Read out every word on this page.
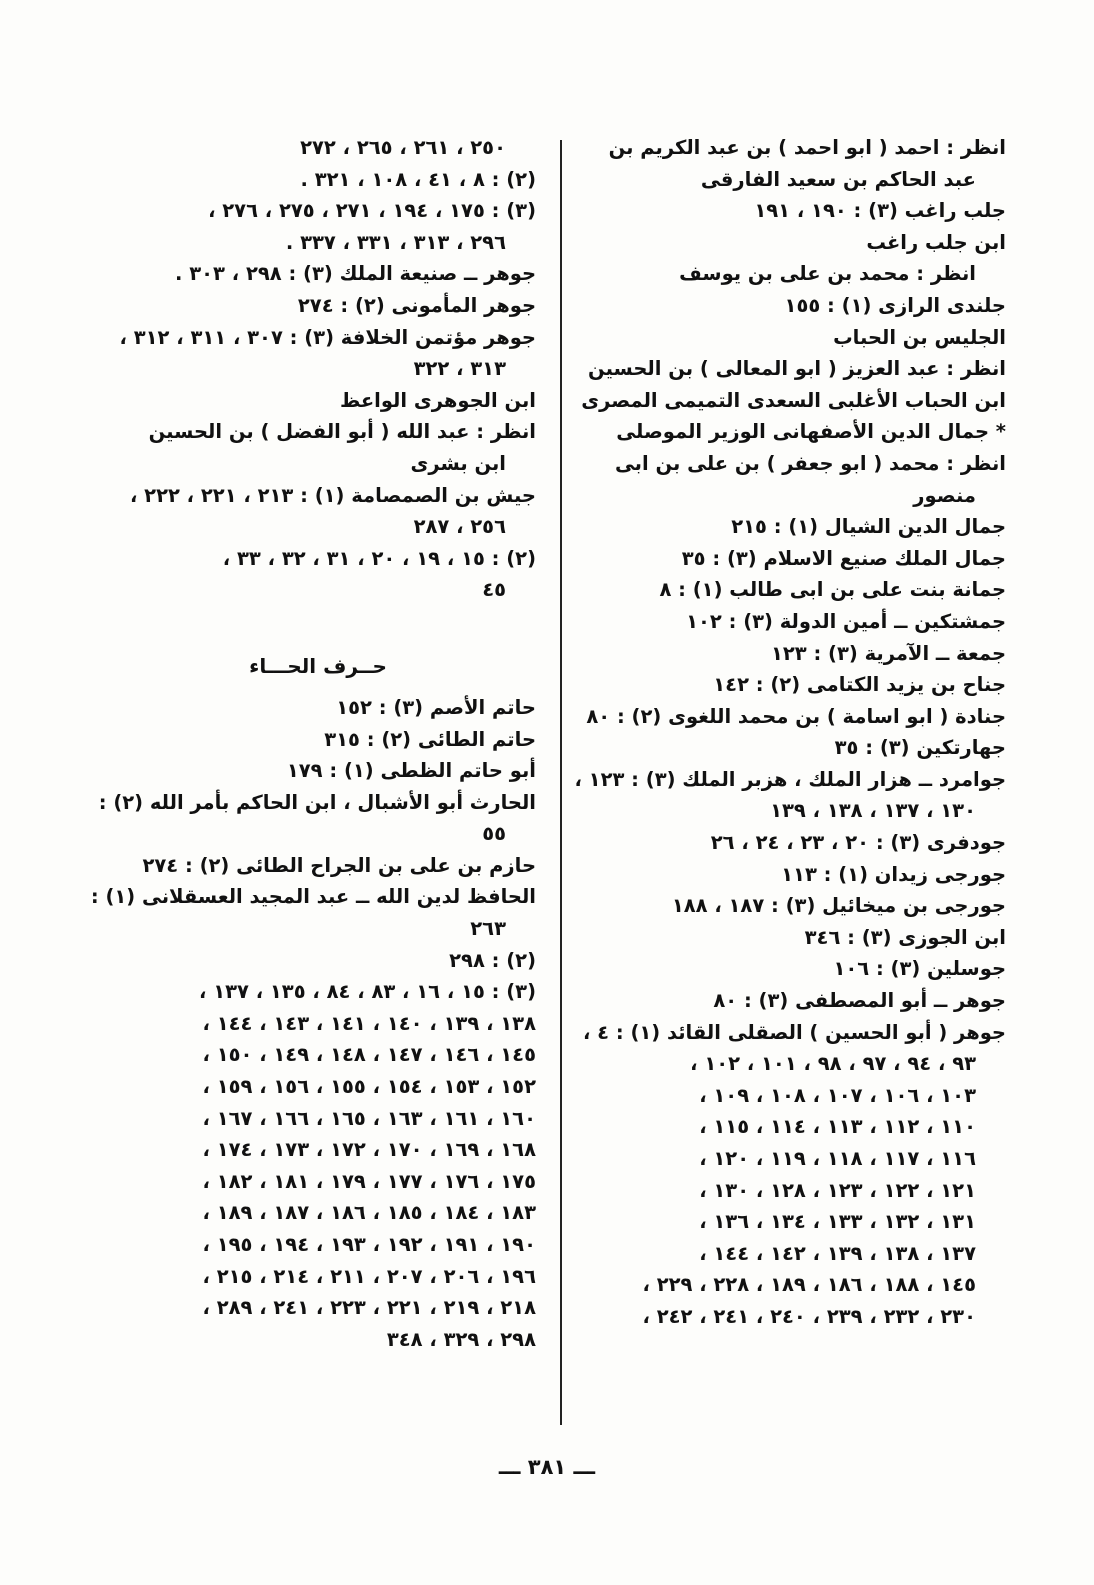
انظر : احمد ( ابو احمد ) بن عبد الكريم بن
عبد الحاكم بن سعيد الفارقى
جلب راغب (٣) : ١٩٠ ، ١٩١
ابن جلب راغب
انظر : محمد بن على بن يوسف
جلندى الرازى (١) : ١٥٥
الجليس بن الحباب
انظر : عبد العزيز ( ابو المعالى ) بن الحسين
ابن الحباب الأغلبى السعدى التميمى المصرى
* جمال الدين الأصفهانى الوزير الموصلى
انظر : محمد ( ابو جعفر ) بن على بن ابى
منصور
جمال الدين الشيال (١) : ٢١٥
جمال الملك صنيع الاسلام (٣) : ٣٥
جمانة بنت على بن ابى طالب (١) : ٨
جمشتكين ــ أمين الدولة (٣) : ١٠٢
جمعة ــ الآمرية (٣) : ١٢٣
جناح بن يزيد الكتامى (٢) : ١٤٢
جنادة ( ابو اسامة ) بن محمد اللغوى (٢) : ٨٠
جهارتكين (٣) : ٣٥
جوامرد ــ هزار الملك ، هزبر الملك (٣) : ١٢٣ ،
١٣٠ ، ١٣٧ ، ١٣٨ ، ١٣٩
جودفرى (٣) : ٢٠ ، ٢٣ ، ٢٤ ، ٢٦
جورجى زيدان (١) : ١١٣
جورجى بن ميخائيل (٣) : ١٨٧ ، ١٨٨
ابن الجوزى (٣) : ٣٤٦
جوسلين (٣) : ١٠٦
جوهر ــ أبو المصطفى (٣) : ٨٠
جوهر ( أبو الحسين ) الصقلى القائد (١) : ٤ ،
٩٣ ، ٩٤ ، ٩٧ ، ٩٨ ، ١٠١ ، ١٠٢ ،
١٠٣ ، ١٠٦ ، ١٠٧ ، ١٠٨ ، ١٠٩ ،
١١٠ ، ١١٢ ، ١١٣ ، ١١٤ ، ١١٥ ،
١١٦ ، ١١٧ ، ١١٨ ، ١١٩ ، ١٢٠ ،
١٢١ ، ١٢٢ ، ١٢٣ ، ١٢٨ ، ١٣٠ ،
١٣١ ، ١٣٢ ، ١٣٣ ، ١٣٤ ، ١٣٦ ،
١٣٧ ، ١٣٨ ، ١٣٩ ، ١٤٢ ، ١٤٤ ،
١٤٥ ، ١٨٨ ، ١٨٦ ، ١٨٩ ، ٢٢٨ ، ٢٢٩ ،
٢٣٠ ، ٢٣٢ ، ٢٣٩ ، ٢٤٠ ، ٢٤١ ، ٢٤٢ ،
٢٥٠ ، ٢٦١ ، ٢٦٥ ، ٢٧٢
(٢) : ٨ ، ٤١ ، ١٠٨ ، ٣٢١ .
(٣) : ١٧٥ ، ١٩٤ ، ٢٧١ ، ٢٧٥ ، ٢٧٦ ،
٢٩٦ ، ٣١٣ ، ٣٣١ ، ٣٣٧ .
جوهر ــ صنيعة الملك (٣) : ٢٩٨ ، ٣٠٣ .
جوهر المأمونى (٢) : ٢٧٤
جوهر مؤتمن الخلافة (٣) : ٣٠٧ ، ٣١١ ، ٣١٢ ،
٣١٣ ، ٣٢٢
ابن الجوهرى الواعظ
انظر : عبد الله ( أبو الفضل ) بن الحسين
ابن بشرى
جيش بن الصمصامة (١) : ٢١٣ ، ٢٢١ ، ٢٢٢ ،
٢٥٦ ، ٢٨٧
(٢) : ١٥ ، ١٩ ، ٢٠ ، ٣١ ، ٣٢ ، ٣٣ ،
٤٥
حــرف الحـــاء
حاتم الأصم (٣) : ١٥٢
حاتم الطائى (٢) : ٣١٥
أبو حاتم الظطى (١) : ١٧٩
الحارث أبو الأشبال ، ابن الحاكم بأمر الله (٢) :
٥٥
حازم بن على بن الجراح الطائى (٢) : ٢٧٤
الحافظ لدين الله ــ عبد المجيد العسقلانى (١) :
٢٦٣
(٢) : ٢٩٨
(٣) : ١٥ ، ١٦ ، ٨٣ ، ٨٤ ، ١٣٥ ، ١٣٧ ،
١٣٨ ، ١٣٩ ، ١٤٠ ، ١٤١ ، ١٤٣ ، ١٤٤ ،
١٤٥ ، ١٤٦ ، ١٤٧ ، ١٤٨ ، ١٤٩ ، ١٥٠ ،
١٥٢ ، ١٥٣ ، ١٥٤ ، ١٥٥ ، ١٥٦ ، ١٥٩ ،
١٦٠ ، ١٦١ ، ١٦٣ ، ١٦٥ ، ١٦٦ ، ١٦٧ ،
١٦٨ ، ١٦٩ ، ١٧٠ ، ١٧٢ ، ١٧٣ ، ١٧٤ ،
١٧٥ ، ١٧٦ ، ١٧٧ ، ١٧٩ ، ١٨١ ، ١٨٢ ،
١٨٣ ، ١٨٤ ، ١٨٥ ، ١٨٦ ، ١٨٧ ، ١٨٩ ،
١٩٠ ، ١٩١ ، ١٩٢ ، ١٩٣ ، ١٩٤ ، ١٩٥ ،
١٩٦ ، ٢٠٦ ، ٢٠٧ ، ٢١١ ، ٢١٤ ، ٢١٥ ،
٢١٨ ، ٢١٩ ، ٢٢١ ، ٢٢٣ ، ٢٤١ ، ٢٨٩ ،
٢٩٨ ، ٣٢٩ ، ٣٤٨
ـــ ٣٨١ ـــ
